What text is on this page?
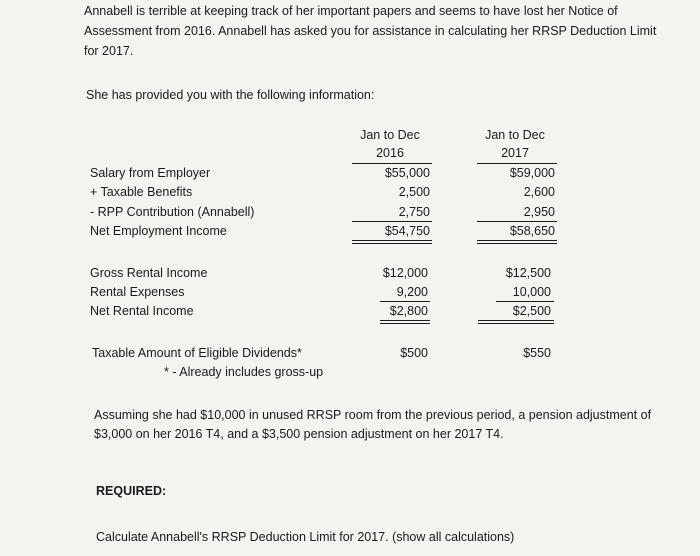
Annabell is terrible at keeping track of her important papers and seems to have lost her Notice of
Assessment from 2016. Annabell has asked you for assistance in calculating her RRSP Deduction Limit
for 2017.
She has provided you with the following information:
Jan to Dec
2016
Jan to Dec
2017
Salary from Employer
+ Taxable Benefits
- RPP Contribution (Annabell)
Net Employment Income
$55,000
2,500
2,750
$54,750
$59,000
2,600
2,950
$58,650
Gross Rental Income
Rental Expenses
Net Rental Income
$12,000
9,200
$2,800
$12,500
10,000
$2,500
Taxable Amount of Eligible Dividends*
* - Already includes gross-up
$500	$550
Assuming she had $10,000 in unused RRSP room from the previous period, a pension adjustment of
$3,000 on her 2016 T4, and a $3,500 pension adjustment on her 2017 T4.
REQUIRED:
Calculate Annabell's RRSP Deduction Limit for 2017. (show all calculations)
